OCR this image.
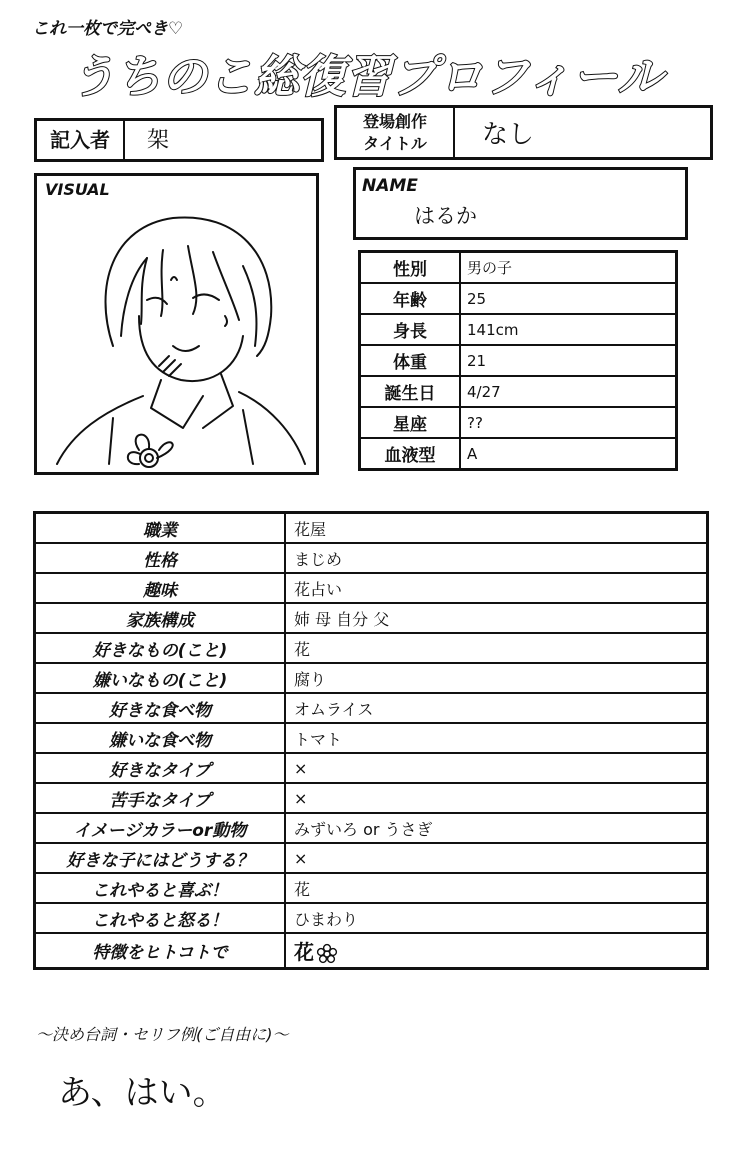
これ一枚で完ぺき♡
うちのこ総復習プロフィール
記入者	架
登場創作
タイトル	なし
VISUAL	NAME
はるか
性別	男の子
年齢	25
身長	141cm
体重	21
誕生日	4/27
星座	??
血液型	A
職業	花屋
性格	まじめ
趣味	花占い
家族構成	姉 母 自分 父
好きなもの(こと)	花
嫌いなもの(こと)	腐り
好きな食べ物	オムライス
嫌いな食べ物	トマト
好きなタイプ	×
苦手なタイプ	×
イメージカラーor動物	みずいろ or うさぎ
好きな子にはどうする？	×
これやると喜ぶ！	花
これやると怒る！	ひまわり
特徴をヒトコトで	花
〜決め台詞・セリフ例(ご自由に)〜
あ、はい。
